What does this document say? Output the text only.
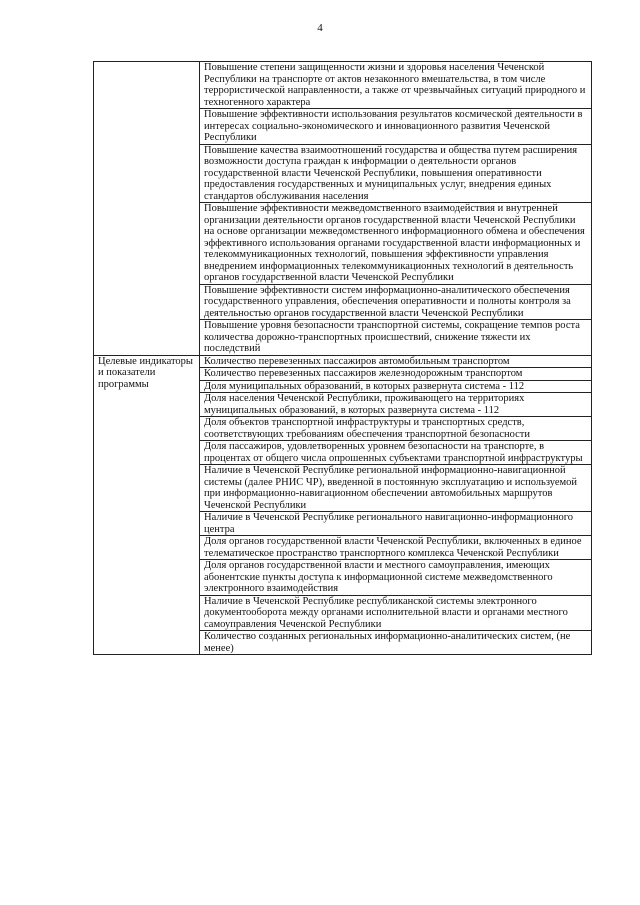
4

	Повышение степени защищенности жизни и здоровья населения Чеченской Республики на транспорте от актов незаконного вмешательства, в том числе террористической направленности, а также от чрезвычайных ситуаций природного и техногенного характера

	Повышение эффективности использования результатов космической деятельности в интересах социально-экономического и инновационного развития Чеченской Республики

	Повышение качества взаимоотношений государства и общества путем расширения возможности доступа граждан к информации о деятельности органов государственной власти Чеченской Республики, повышения оперативности предоставления государственных и муниципальных услуг, внедрения единых стандартов обслуживания населения

	Повышение эффективности межведомственного взаимодействия и внутренней организации деятельности органов государственной власти Чеченской Республики на основе организации межведомственного информационного обмена и обеспечения эффективного использования органами государственной власти информационных и телекоммуникационных технологий, повышения эффективности управления внедрением информационных телекоммуникационных технологий в деятельность органов государственной власти Чеченской Республики

	Повышение эффективности систем информационно-аналитического обеспечения государственного управления, обеспечения оперативности и полноты контроля за деятельностью органов государственной власти Чеченской Республики

	Повышение уровня безопасности транспортной системы, сокращение темпов роста количества дорожно-транспортных происшествий, снижение тяжести их последствий

Целевые индикаторы и показатели программы	Количество перевезенных пассажиров автомобильным транспортом

	Количество перевезенных пассажиров железнодорожным транспортом

	Доля муниципальных образований, в которых развернута система - 112

	Доля населения Чеченской Республики, проживающего на территориях муниципальных образований, в которых развернута система - 112

	Доля объектов транспортной инфраструктуры и транспортных средств, соответствующих требованиям обеспечения транспортной безопасности

	Доля пассажиров, удовлетворенных уровнем безопасности на транспорте, в процентах от общего числа опрошенных субъектами транспортной инфраструктуры

	Наличие в Чеченской Республике региональной информационно-навигационной системы (далее РНИС ЧР), введенной в постоянную эксплуатацию и используемой при информационно-навигационном обеспечении автомобильных маршрутов Чеченской Республики

	Наличие в Чеченской Республике регионального навигационно-информационного центра

	Доля органов государственной власти Чеченской Республики, включенных в единое телематическое пространство транспортного комплекса Чеченской Республики

	Доля органов государственной власти и местного самоуправления, имеющих абонентские пункты доступа к информационной системе межведомственного электронного взаимодействия

	Наличие в Чеченской Республике республиканской системы электронного документооборота между органами исполнительной власти и органами местного самоуправления Чеченской Республики

	Количество созданных региональных информационно-аналитических систем, (не менее)
